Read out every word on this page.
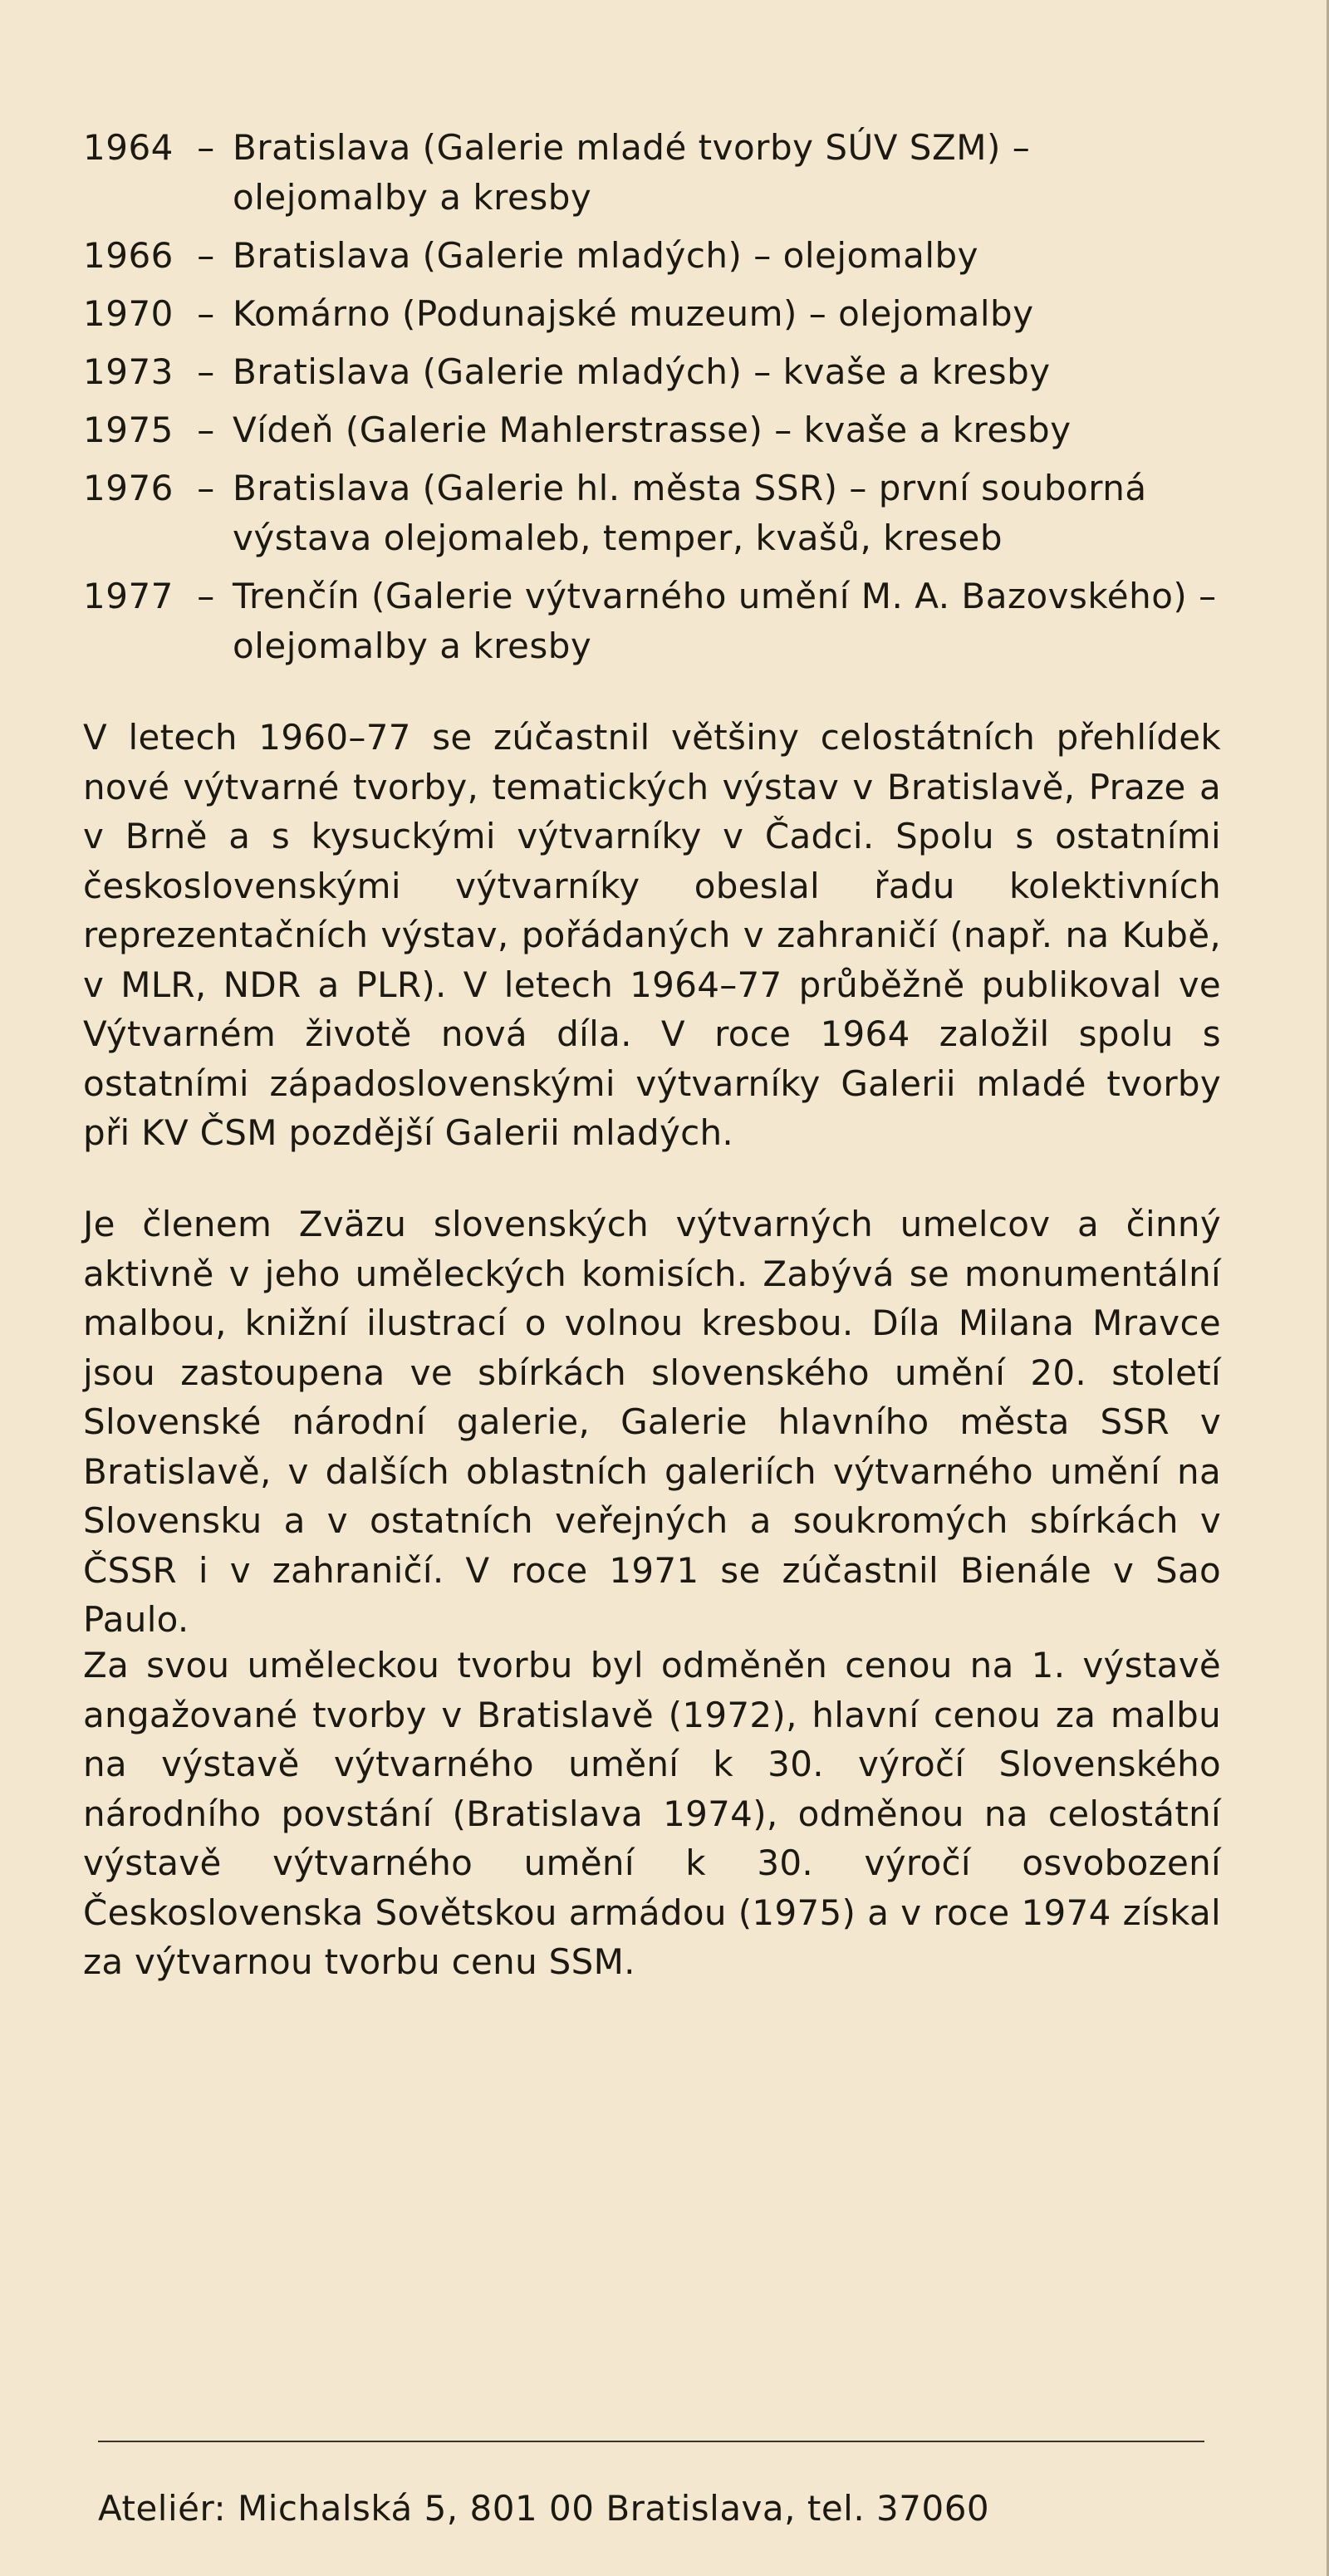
1964 – Bratislava (Galerie mladé tvorby SÚV SZM) – olejomalby a kresby
1966 – Bratislava (Galerie mladých) – olejomalby
1970 – Komárno (Podunajské muzeum) – olejomalby
1973 – Bratislava (Galerie mladých) – kvaše a kresby
1975 – Vídeň (Galerie Mahlerstrasse) – kvaše a kresby
1976 – Bratislava (Galerie hl. města SSR) – první souborná výstava olejomaleb, temper, kvašů, kreseb
1977 – Trenčín (Galerie výtvarného umění M. A. Bazovského) – olejomalby a kresby

V letech 1960–77 se zúčastnil většiny celostátních přehlídek nové výtvarné tvorby, tematických výstav v Bratislavě, Praze a v Brně a s kysuckými výtvarníky v Čadci. Spolu s ostatními československými výtvarníky obeslal řadu kolektivních reprezentačních výstav, pořádaných v zahraničí (např. na Kubě, v MLR, NDR a PLR). V letech 1964–77 průběžně publikoval ve Výtvarném životě nová díla. V roce 1964 založil spolu s ostatními západoslovenskými výtvarníky Galerii mladé tvorby při KV ČSM pozdější Galerii mladých.

Je členem Zväzu slovenských výtvarných umelcov a činný aktivně v jeho uměleckých komisích. Zabývá se monumentální malbou, knižní ilustrací o volnou kresbou. Díla Milana Mravce jsou zastoupena ve sbírkách slovenského umění 20. století Slovenské národní galerie, Galerie hlavního města SSR v Bratislavě, v dalších oblastních galeriích výtvarného umění na Slovensku a v ostatních veřejných a soukromých sbírkách v ČSSR i v zahraničí. V roce 1971 se zúčastnil Bienále v Sao Paulo.

Za svou uměleckou tvorbu byl odměněn cenou na 1. výstavě angažované tvorby v Bratislavě (1972), hlavní cenou za malbu na výstavě výtvarného umění k 30. výročí Slovenského národního povstání (Bratislava 1974), odměnou na celostátní výstavě výtvarného umění k 30. výročí osvobození Československa Sovětskou armádou (1975) a v roce 1974 získal za výtvarnou tvorbu cenu SSM.

Ateliér: Michalská 5, 801 00 Bratislava, tel. 37060
